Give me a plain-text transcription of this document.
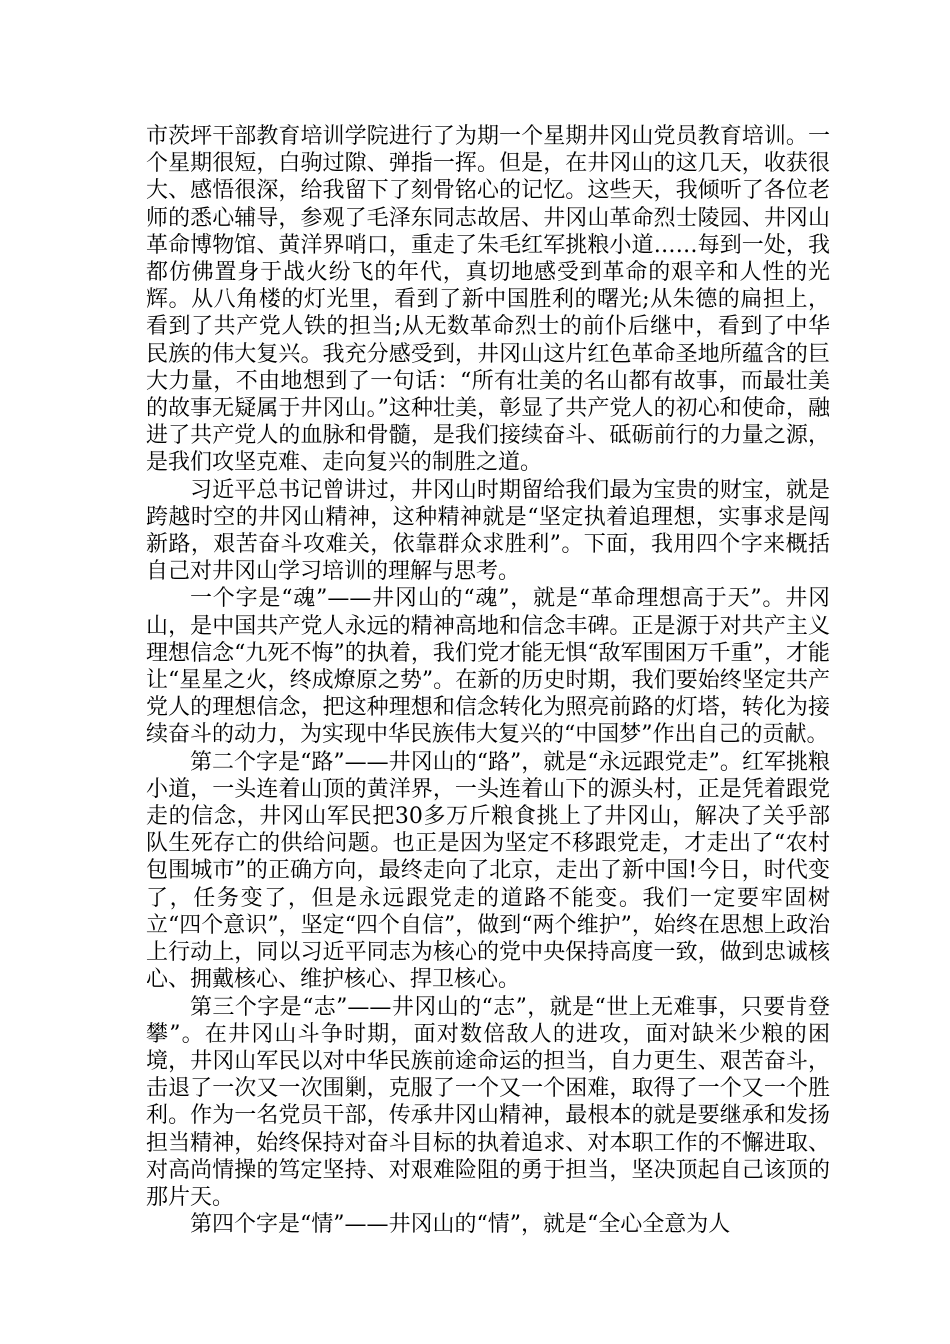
市茨坪干部教育培训学院进行了为期一个星期井冈山党员教育培训。一个星期很短，白驹过隙、弹指一挥。但是，在井冈山的这几天，收获很大、感悟很深，给我留下了刻骨铭心的记忆。这些天，我倾听了各位老师的悉心辅导，参观了毛泽东同志故居、井冈山革命烈士陵园、井冈山革命博物馆、黄洋界哨口，重走了朱毛红军挑粮小道……每到一处，我都仿佛置身于战火纷飞的年代，真切地感受到革命的艰辛和人性的光辉。从八角楼的灯光里，看到了新中国胜利的曙光;从朱德的扁担上，看到了共产党人铁的担当;从无数革命烈士的前仆后继中，看到了中华民族的伟大复兴。我充分感受到，井冈山这片红色革命圣地所蕴含的巨大力量，不由地想到了一句话：“所有壮美的名山都有故事，而最壮美的故事无疑属于井冈山。”这种壮美，彰显了共产党人的初心和使命，融进了共产党人的血脉和骨髓，是我们接续奋斗、砥砺前行的力量之源，是我们攻坚克难、走向复兴的制胜之道。

习近平总书记曾讲过，井冈山时期留给我们最为宝贵的财宝，就是跨越时空的井冈山精神，这种精神就是“坚定执着追理想，实事求是闯新路，艰苦奋斗攻难关，依靠群众求胜利”。下面，我用四个字来概括自己对井冈山学习培训的理解与思考。

一个字是“魂”——井冈山的“魂”，就是“革命理想高于天”。井冈山，是中国共产党人永远的精神高地和信念丰碑。正是源于对共产主义理想信念“九死不悔”的执着，我们党才能无惧“敌军围困万千重”，才能让“星星之火，终成燎原之势”。在新的历史时期，我们要始终坚定共产党人的理想信念，把这种理想和信念转化为照亮前路的灯塔，转化为接续奋斗的动力，为实现中华民族伟大复兴的“中国梦”作出自己的贡献。

第二个字是“路”——井冈山的“路”，就是“永远跟党走”。红军挑粮小道，一头连着山顶的黄洋界，一头连着山下的源头村，正是凭着跟党走的信念，井冈山军民把30多万斤粮食挑上了井冈山，解决了关乎部队生死存亡的供给问题。也正是因为坚定不移跟党走，才走出了“农村包围城市”的正确方向，最终走向了北京，走出了新中国!今日，时代变了，任务变了，但是永远跟党走的道路不能变。我们一定要牢固树立“四个意识”，坚定“四个自信”，做到“两个维护”，始终在思想上政治上行动上，同以习近平同志为核心的党中央保持高度一致，做到忠诚核心、拥戴核心、维护核心、捍卫核心。

第三个字是“志”——井冈山的“志”，就是“世上无难事，只要肯登攀”。在井冈山斗争时期，面对数倍敌人的进攻，面对缺米少粮的困境，井冈山军民以对中华民族前途命运的担当，自力更生、艰苦奋斗，击退了一次又一次围剿，克服了一个又一个困难，取得了一个又一个胜利。作为一名党员干部，传承井冈山精神，最根本的就是要继承和发扬担当精神，始终保持对奋斗目标的执着追求、对本职工作的不懈进取、对高尚情操的笃定坚持、对艰难险阻的勇于担当，坚决顶起自己该顶的那片天。

第四个字是“情”——井冈山的“情”，就是“全心全意为人
